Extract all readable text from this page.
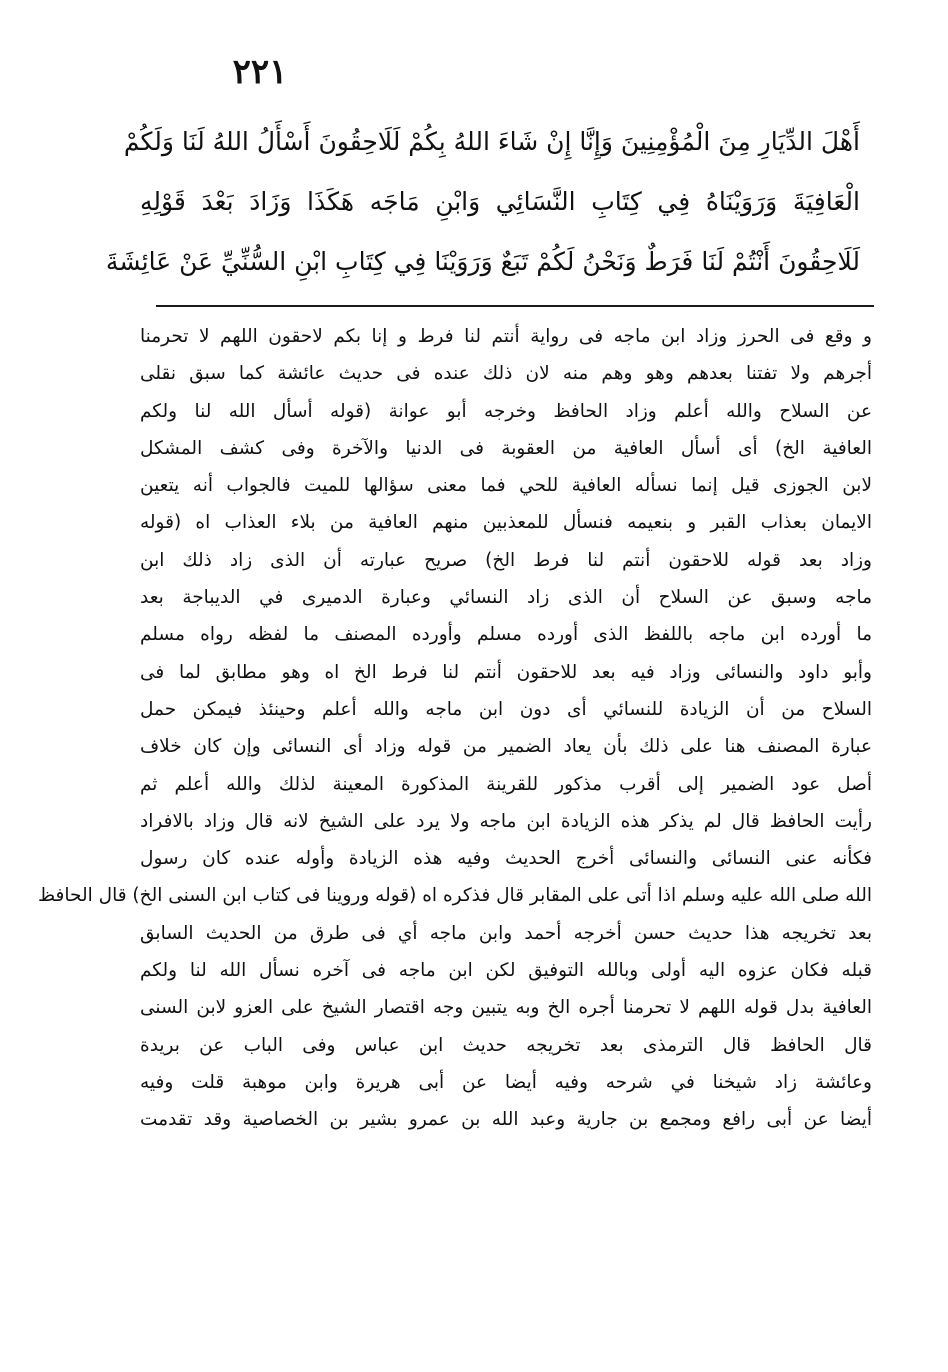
٢٢١
أَهْلَ الدِّيَارِ مِنَ الْمُؤْمِنِينَ وَإِنَّا إِنْ شَاءَ اللهُ بِكُمْ لَلَاحِقُونَ أَسْأَلُ اللهُ لَنَا وَلَكُمْ
الْعَافِيَةَ وَرَوَيْنَاهُ فِي كِتَابِ النَّسَائِي وَابْنِ مَاجَه هَكَذَا وَزَادَ بَعْدَ قَوْلِهِ
لَلَاحِقُونَ أَنْتُمْ لَنَا فَرَطٌ وَنَحْنُ لَكُمْ تَبَعٌ وَرَوَيْنَا فِي كِتَابِ ابْنِ السُّنِّيِّ عَنْ عَائِشَةَ
و وقع فى الحرز وزاد ابن ماجه فى رواية أنتم لنا فرط و إنا بكم لاحقون اللهم لا تحرمنا
أجرهم ولا تفتنا بعدهم وهو وهم منه لان ذلك عنده فى حديث عائشة كما سبق نقلى
عن السلاح والله أعلم وزاد الحافظ وخرجه أبو عوانة (قوله أسأل الله لنا ولكم
العافية الخ) أى أسأل العافية من العقوبة فى الدنيا والآخرة وفى كشف المشكل
لابن الجوزى قيل إنما نسأله العافية للحي فما معنى سؤالها للميت فالجواب أنه يتعين
الايمان بعذاب القبر و بنعيمه فنسأل للمعذبين منهم العافية من بلاء العذاب اه (قوله
وزاد بعد قوله للاحقون أنتم لنا فرط الخ) صريح عبارته أن الذى زاد ذلك ابن
ماجه وسبق عن السلاح أن الذى زاد النسائي وعبارة الدميرى في الديباجة بعد
ما أورده ابن ماجه باللفظ الذى أورده مسلم وأورده المصنف ما لفظه رواه مسلم
وأبو داود والنسائى وزاد فيه بعد للاحقون أنتم لنا فرط الخ اه وهو مطابق لما فى
السلاح من أن الزيادة للنسائي أى دون ابن ماجه والله أعلم وحينئذ فيمكن حمل
عبارة المصنف هنا على ذلك بأن يعاد الضمير من قوله وزاد أى النسائى وإن كان خلاف
أصل عود الضمير إلى أقرب مذكور للقرينة المذكورة المعينة لذلك والله أعلم ثم
رأيت الحافظ قال لم يذكر هذه الزيادة ابن ماجه ولا يرد على الشيخ لانه قال وزاد بالافراد
فكأنه عنى النسائى والنسائى أخرج الحديث وفيه هذه الزيادة وأوله عنده كان رسول
الله صلى الله عليه وسلم اذا أتى على المقابر قال فذكره اه (قوله وروينا فى كتاب ابن السنى الخ) قال الحافظ
بعد تخريجه هذا حديث حسن أخرجه أحمد وابن ماجه أي فى طرق من الحديث السابق
قبله فكان عزوه اليه أولى وبالله التوفيق لكن ابن ماجه فى آخره نسأل الله لنا ولكم
العافية بدل قوله اللهم لا تحرمنا أجره الخ وبه يتبين وجه اقتصار الشيخ على العزو لابن السنى
قال الحافظ قال الترمذى بعد تخريجه حديث ابن عباس وفى الباب عن بريدة
وعائشة زاد شيخنا في شرحه وفيه أيضا عن أبى هريرة وابن موهبة قلت وفيه
أيضا عن أبى رافع ومجمع بن جارية وعبد الله بن عمرو بشير بن الخصاصية وقد تقدمت
